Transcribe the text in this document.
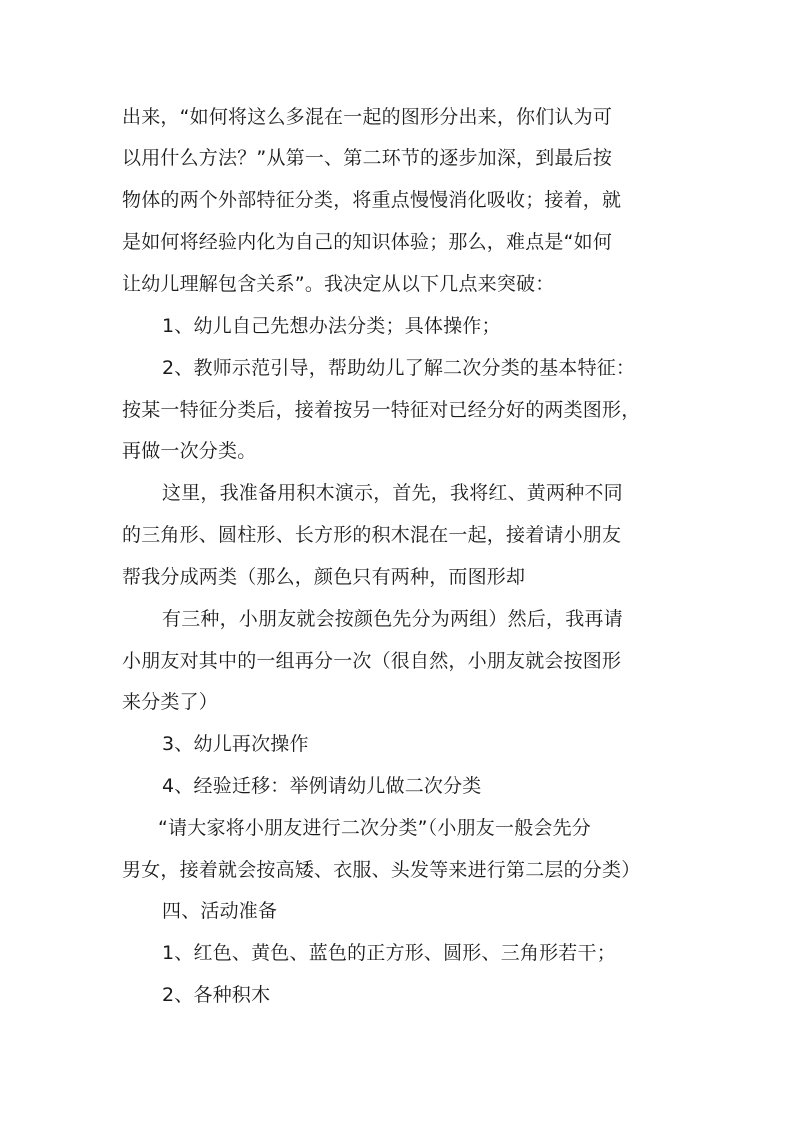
出来，“如何将这么多混在一起的图形分出来，你们认为可
以用什么方法？”从第一、第二环节的逐步加深，到最后按
物体的两个外部特征分类，将重点慢慢消化吸收；接着，就
是如何将经验内化为自己的知识体验；那么，难点是“如何
让幼儿理解包含关系”。我决定从以下几点来突破：
1、幼儿自己先想办法分类；具体操作；
2、教师示范引导，帮助幼儿了解二次分类的基本特征：
按某一特征分类后，接着按另一特征对已经分好的两类图形，
再做一次分类。
这里，我准备用积木演示，首先，我将红、黄两种不同
的三角形、圆柱形、长方形的积木混在一起，接着请小朋友
帮我分成两类（那么，颜色只有两种，而图形却
有三种，小朋友就会按颜色先分为两组）然后，我再请
小朋友对其中的一组再分一次（很自然，小朋友就会按图形
来分类了）
3、幼儿再次操作
4、经验迁移：举例请幼儿做二次分类
“请大家将小朋友进行二次分类”（小朋友一般会先分
男女，接着就会按高矮、衣服、头发等来进行第二层的分类）
四、活动准备
1、红色、黄色、蓝色的正方形、圆形、三角形若干；
2、各种积木
